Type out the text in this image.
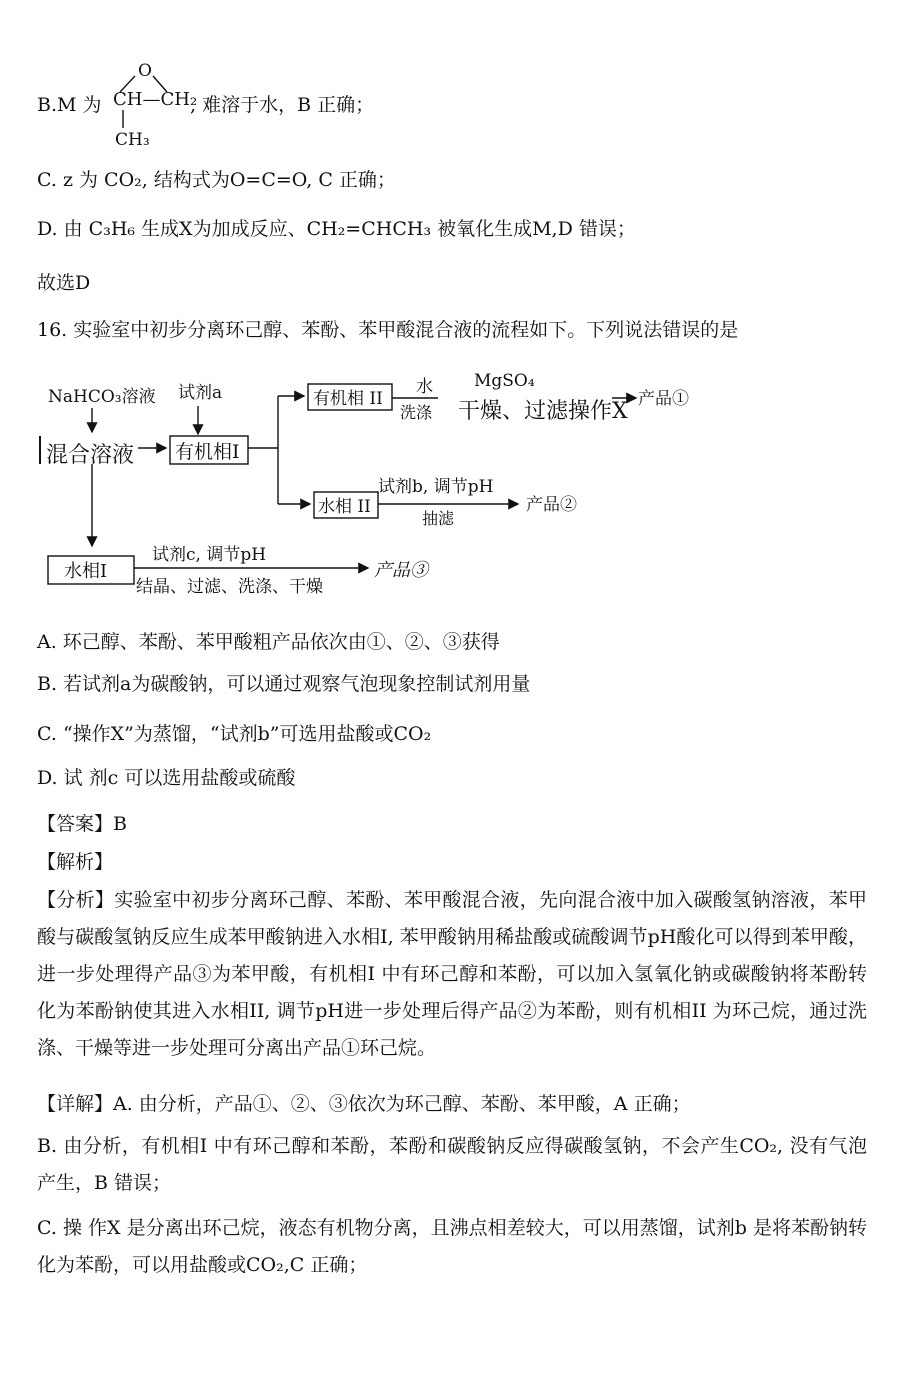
B.M 为
O
CH—CH₂
CH₃
, 难溶于水，B 正确；
C. z 为 CO₂, 结构式为O=C=O, C 正确；
D. 由 C₃H₆ 生成X为加成反应、CH₂=CHCH₃ 被氧化生成M,D 错误；
故选D
16. 实验室中初步分离环己醇、苯酚、苯甲酸混合液的流程如下。下列说法错误的是
NaHCO₃溶液 试剂a
混合溶液 有机相I
有机相 II
水
洗涤
MgSO₄
干燥、过滤操作X 产品①
水相 II
试剂b, 调节pH
抽滤
产品②
水相I
试剂c, 调节pH
结晶、过滤、洗涤、干燥
产品③
A. 环己醇、苯酚、苯甲酸粗产品依次由①、②、③获得
B. 若试剂a为碳酸钠，可以通过观察气泡现象控制试剂用量
C. “操作X”为蒸馏，“试剂b”可选用盐酸或CO₂
D. 试 剂c 可以选用盐酸或硫酸
【答案】B
【解析】
【分析】实验室中初步分离环己醇、苯酚、苯甲酸混合液，先向混合液中加入碳酸氢钠溶液，苯甲酸与碳酸氢钠反应生成苯甲酸钠进入水相I, 苯甲酸钠用稀盐酸或硫酸调节pH酸化可以得到苯甲酸，进一步处理得产品③为苯甲酸，有机相I 中有环己醇和苯酚，可以加入氢氧化钠或碳酸钠将苯酚转化为苯酚钠使其进入水相II, 调节pH进一步处理后得产品②为苯酚，则有机相II 为环己烷，通过洗涤、干燥等进一步处理可分离出产品①环己烷。
【详解】A. 由分析，产品①、②、③依次为环己醇、苯酚、苯甲酸，A 正确；
B. 由分析，有机相I 中有环己醇和苯酚，苯酚和碳酸钠反应得碳酸氢钠，不会产生CO₂, 没有气泡产生，B 错误；
C. 操 作X 是分离出环己烷，液态有机物分离，且沸点相差较大，可以用蒸馏，试剂b 是将苯酚钠转化为苯酚，可以用盐酸或CO₂,C 正确；
